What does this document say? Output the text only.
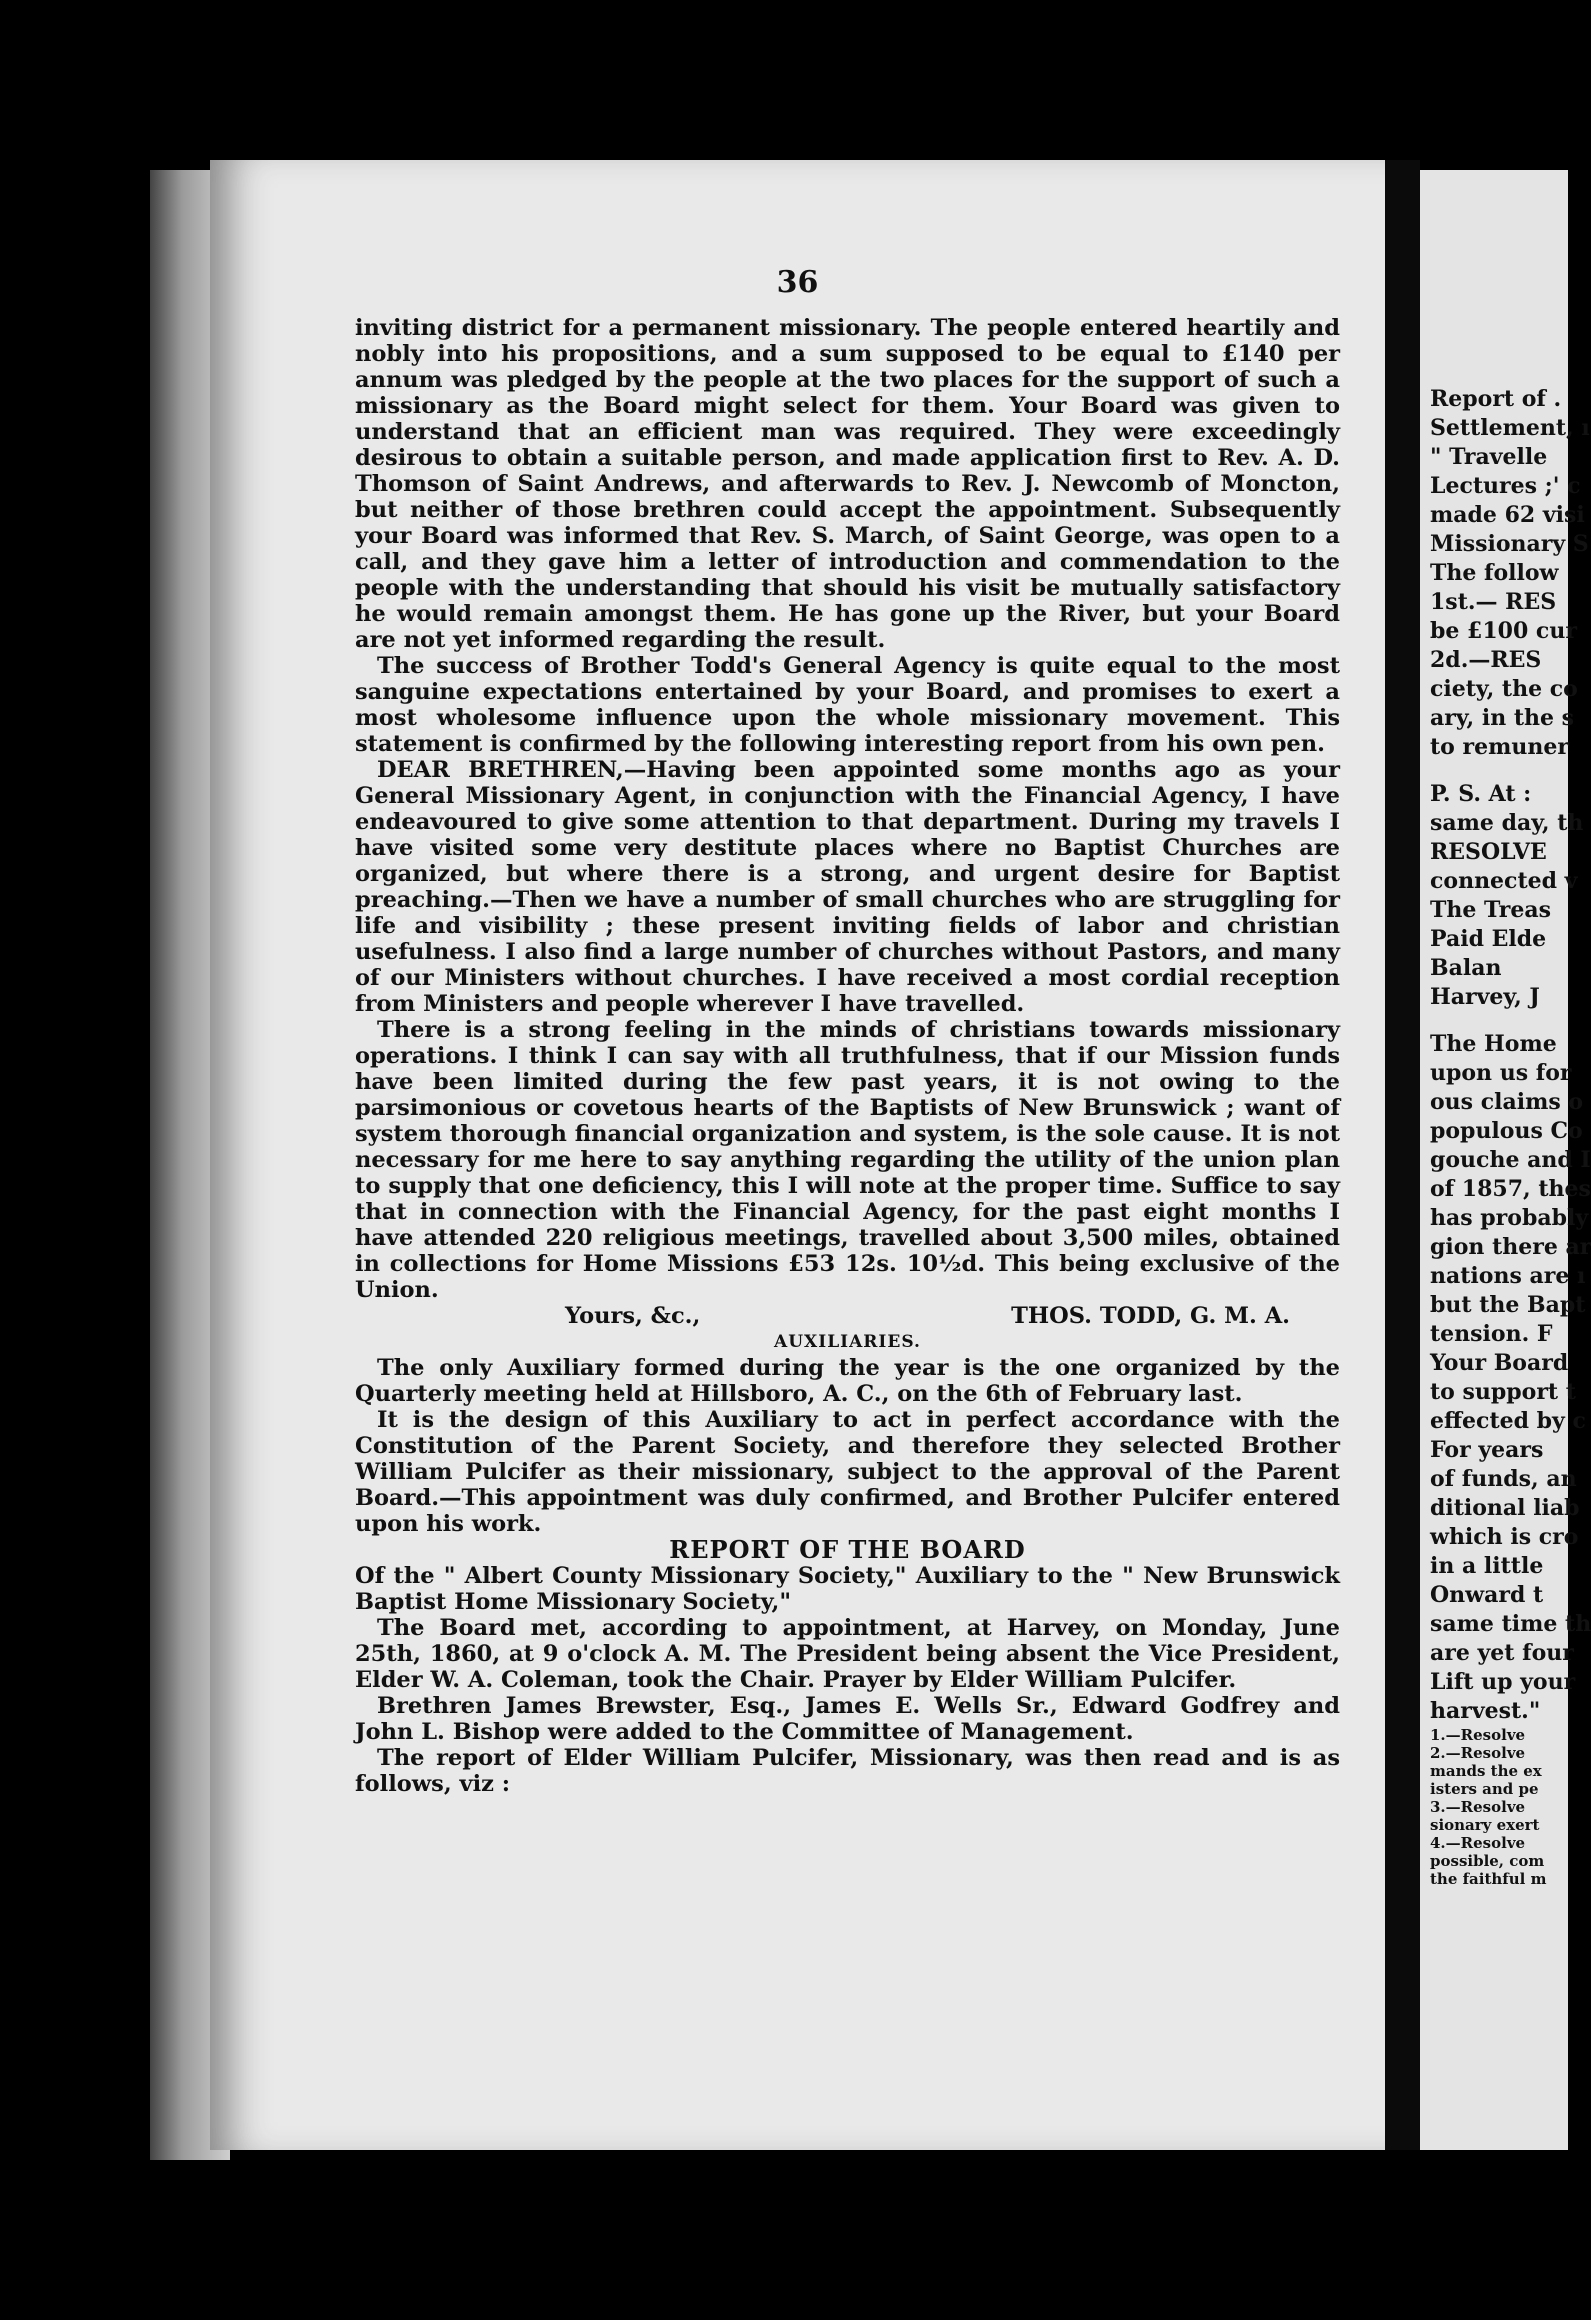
36

inviting district for a permanent missionary. The people entered heartily and nobly into his propositions, and a sum supposed to be equal to £140 per annum was pledged by the people at the two places for the support of such a missionary as the Board might select for them. Your Board was given to understand that an efficient man was required. They were exceedingly desirous to obtain a suitable person, and made application first to Rev. A. D. Thomson of Saint Andrews, and afterwards to Rev. J. Newcomb of Moncton, but neither of those brethren could accept the appointment. Subsequently your Board was informed that Rev. S. March, of Saint George, was open to a call, and they gave him a letter of introduction and commendation to the people with the understanding that should his visit be mutually satisfactory he would remain amongst them. He has gone up the River, but your Board are not yet informed regarding the result.

The success of Brother Todd's General Agency is quite equal to the most sanguine expectations entertained by your Board, and promises to exert a most wholesome influence upon the whole missionary movement. This statement is confirmed by the following interesting report from his own pen.

DEAR BRETHREN,—Having been appointed some months ago as your General Missionary Agent, in conjunction with the Financial Agency, I have endeavoured to give some attention to that department. During my travels I have visited some very destitute places where no Baptist Churches are organized, but where there is a strong, and urgent desire for Baptist preaching.—Then we have a number of small churches who are struggling for life and visibility ; these present inviting fields of labor and christian usefulness. I also find a large number of churches without Pastors, and many of our Ministers without churches. I have received a most cordial reception from Ministers and people wherever I have travelled.

There is a strong feeling in the minds of christians towards missionary operations. I think I can say with all truthfulness, that if our Mission funds have been limited during the few past years, it is not owing to the parsimonious or covetous hearts of the Baptists of New Brunswick ; want of system thorough financial organization and system, is the sole cause. It is not necessary for me here to say anything regarding the utility of the union plan to supply that one deficiency, this I will note at the proper time. Suffice to say that in connection with the Financial Agency, for the past eight months I have attended 220 religious meetings, travelled about 3,500 miles, obtained in collections for Home Missions £53 12s. 10½d. This being exclusive of the Union.

Yours, &c.,	THOS. TODD, G. M. A.
AUXILIARIES.

The only Auxiliary formed during the year is the one organized by the Quarterly meeting held at Hillsboro, A. C., on the 6th of February last.

It is the design of this Auxiliary to act in perfect accordance with the Constitution of the Parent Society, and therefore they selected Brother William Pulcifer as their missionary, subject to the approval of the Parent Board.—This appointment was duly confirmed, and Brother Pulcifer entered upon his work.

REPORT OF THE BOARD

Of the " Albert County Missionary Society," Auxiliary to the " New Brunswick Baptist Home Missionary Society,"

The Board met, according to appointment, at Harvey, on Monday, June 25th, 1860, at 9 o'clock A. M. The President being absent the Vice President, Elder W. A. Coleman, took the Chair. Prayer by Elder William Pulcifer.

Brethren James Brewster, Esq., James E. Wells Sr., Edward Godfrey and John L. Bishop were added to the Committee of Management.

The report of Elder William Pulcifer, Missionary, was then read and is as follows, viz :

Report of .
Settlement, ı
" Travelle
Lectures ;' c
made 62 visi
Missionary S
The follow
1st.— RES
be £100 cur
2d.—RES
ciety, the co
ary, in the s
to remuner
P. S. At :
same day, th
RESOLVE
connected v
The Treas
Paid Elde
Balan
Harvey, J
The Home
upon us for
ous claims o
populous Co
gouche and I
of 1857, thes
has probably
gion there ar
nations are ı
but the Bapt
tension. F
Your Board
to support t
effected by c
For years
of funds, an
ditional liab
which is cro
in a little
Onward t
same time th
are yet four
Lift up your
harvest."
1.—Resolve
2.—Resolve
mands the ex
isters and pe
3.—Resolve
sionary exert
4.—Resolve
possible, com
the faithful m
